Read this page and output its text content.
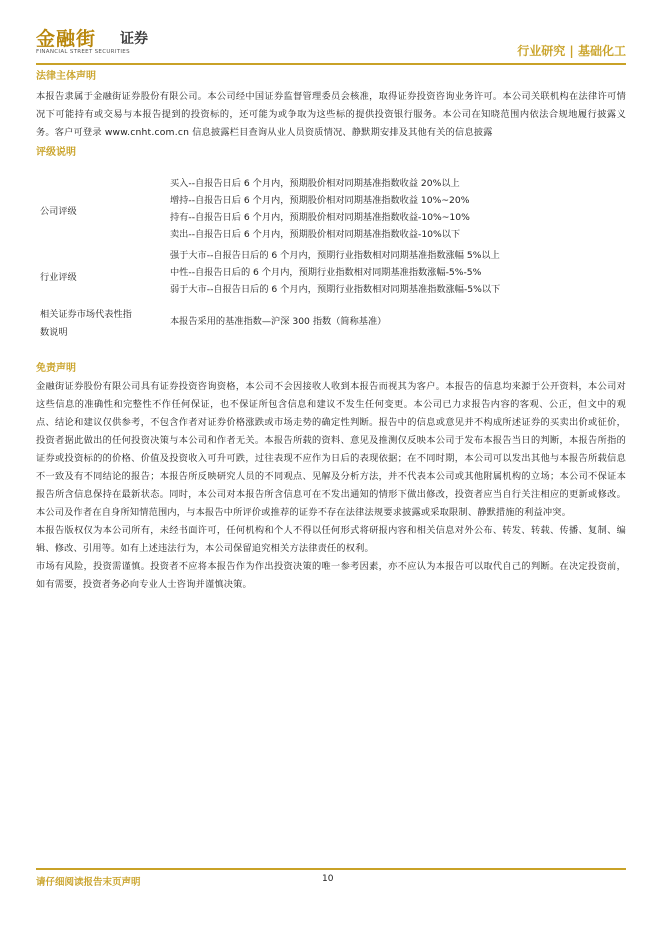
金融街 证券
FINANCIAL STREET SECURITIES	行业研究 | 基础化工
法律主体声明

本报告隶属于金融街证券股份有限公司。本公司经中国证券监督管理委员会核准，取得证券投资咨询业务许可。本公司关联机构在法律许可情况下可能持有或交易与本报告提到的投资标的，还可能为或争取为这些标的提供投资银行服务。本公司在知晓范围内依法合规地履行披露义务。客户可登录 www.cnht.com.cn 信息披露栏目查询从业人员资质情况、静默期安排及其他有关的信息披露

评级说明
公司评级
买入--自报告日后 6 个月内，预期股价相对同期基准指数收益 20%以上
增持--自报告日后 6 个月内，预期股价相对同期基准指数收益 10%~20%
持有--自报告日后 6 个月内，预期股价相对同期基准指数收益-10%~10%
卖出--自报告日后 6 个月内，预期股价相对同期基准指数收益-10%以下
行业评级
强于大市--自报告日后的 6 个月内，预期行业指数相对同期基准指数涨幅 5%以上
中性--自报告日后的 6 个月内，预期行业指数相对同期基准指数涨幅-5%-5%
弱于大市--自报告日后的 6 个月内，预期行业指数相对同期基准指数涨幅-5%以下
相关证券市场代表性指
数说明
本报告采用的基准指数—沪深 300 指数（简称基准）
免责声明

金融街证券股份有限公司具有证券投资咨询资格，本公司不会因接收人收到本报告而视其为客户。本报告的信息均来源于公开资料，本公司对这些信息的准确性和完整性不作任何保证，也不保证所包含信息和建议不发生任何变更。本公司已力求报告内容的客观、公正，但文中的观点、结论和建议仅供参考，不包含作者对证券价格涨跌或市场走势的确定性判断。报告中的信息或意见并不构成所述证券的买卖出价或征价，投资者据此做出的任何投资决策与本公司和作者无关。本报告所载的资料、意见及推测仅反映本公司于发布本报告当日的判断，本报告所指的证券或投资标的的价格、价值及投资收入可升可跌，过往表现不应作为日后的表现依据；在不同时期，本公司可以发出其他与本报告所载信息不一致及有不同结论的报告；本报告所反映研究人员的不同观点、见解及分析方法，并不代表本公司或其他附属机构的立场；本公司不保证本报告所含信息保持在最新状态。同时，本公司对本报告所含信息可在不发出通知的情形下做出修改，投资者应当自行关注相应的更新或修改。本公司及作者在自身所知情范围内，与本报告中所评价或推荐的证券不存在法律法规要求披露或采取限制、静默措施的利益冲突。

本报告版权仅为本公司所有，未经书面许可，任何机构和个人不得以任何形式将研报内容和相关信息对外公布、转发、转载、传播、复制、编辑、修改、引用等。如有上述违法行为，本公司保留追究相关方法律责任的权利。

市场有风险，投资需谨慎。投资者不应将本报告作为作出投资决策的唯一参考因素，亦不应认为本报告可以取代自己的判断。在决定投资前，如有需要，投资者务必向专业人士咨询并谨慎决策。

请仔细阅读报告末页声明	10
